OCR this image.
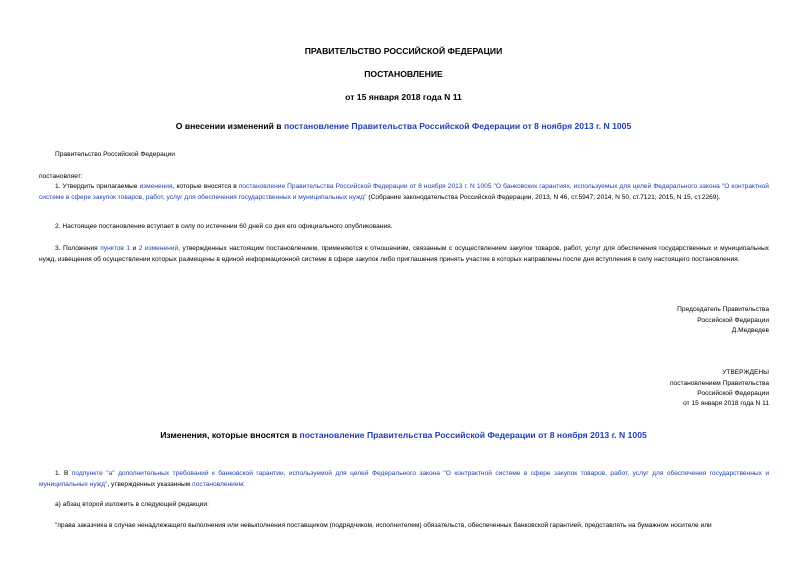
ПРАВИТЕЛЬСТВО РОССИЙСКОЙ ФЕДЕРАЦИИ
ПОСТАНОВЛЕНИЕ
от 15 января 2018 года N 11
О внесении изменений в постановление Правительства Российской Федерации от 8 ноября 2013 г. N 1005
Правительство Российской Федерации
постановляет:
1. Утвердить прилагаемые изменения, которые вносятся в постановление Правительства Российской Федерации от 8 ноября 2013 г. N 1005 "О банковских гарантиях, используемых для целей Федерального закона "О контрактной системе в сфере закупок товаров, работ, услуг для обеспечения государственных и муниципальных нужд" (Собрание законодательства Российской Федерации, 2013, N 46, ст.5947; 2014, N 50, ст.7121; 2015, N 15, ст.2269).
2. Настоящее постановление вступает в силу по истечении 60 дней со дня его официального опубликования.
3. Положения пунктов 1 и 2 изменений, утвержденных настоящим постановлением, применяются к отношениям, связанным с осуществлением закупок товаров, работ, услуг для обеспечения государственных и муниципальных нужд, извещения об осуществлении которых размещены в единой информационной системе в сфере закупок либо приглашения принять участие в которых направлены после дня вступления в силу настоящего постановления.
Председатель Правительства
Российской Федерации
Д.Медведев
УТВЕРЖДЕНЫ
постановлением Правительства
Российской Федерации
от 15 января 2018 года N 11
Изменения, которые вносятся в постановление Правительства Российской Федерации от 8 ноября 2013 г. N 1005
1. В подпункте "а" дополнительных требований к банковской гарантии, используемой для целей Федерального закона "О контрактной системе в сфере закупок товаров, работ, услуг для обеспечения государственных и муниципальных нужд", утвержденных указанным постановлением:
а) абзац второй изложить в следующей редакции:
"права заказчика в случае ненадлежащего выполнения или невыполнения поставщиком (подрядчиком, исполнителем) обязательств, обеспеченных банковской гарантией, представлять на бумажном носителе или
